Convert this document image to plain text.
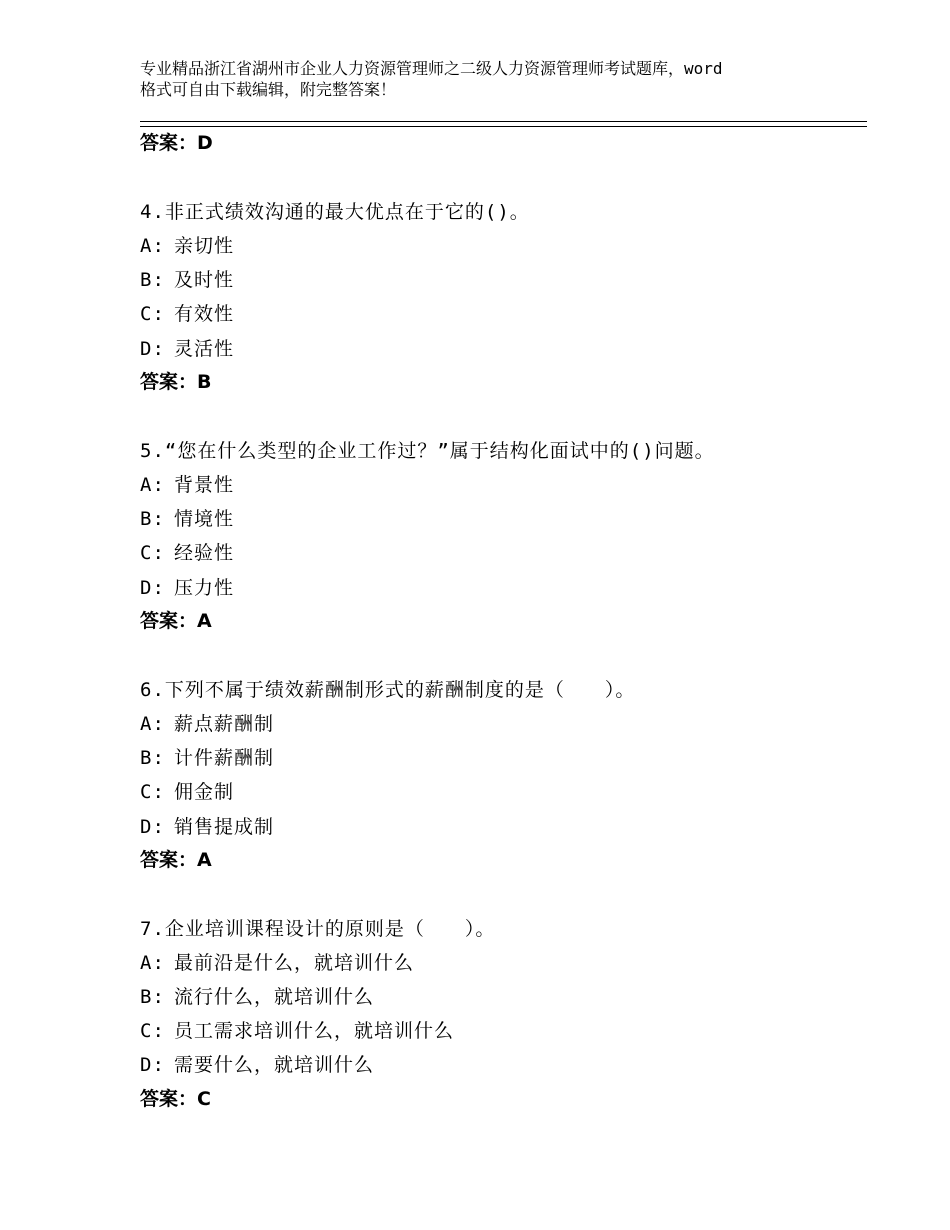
专业精品浙江省湖州市企业人力资源管理师之二级人力资源管理师考试题库，word
格式可自由下载编辑，附完整答案！
答案：D
4.非正式绩效沟通的最大优点在于它的()。
A: 亲切性
B: 及时性
C: 有效性
D: 灵活性
答案：B
5.“您在什么类型的企业工作过？”属于结构化面试中的()问题。
A: 背景性
B: 情境性
C: 经验性
D: 压力性
答案：A
6.下列不属于绩效薪酬制形式的薪酬制度的是（　　）。
A: 薪点薪酬制
B: 计件薪酬制
C: 佣金制
D: 销售提成制
答案：A
7.企业培训课程设计的原则是（　　）。
A: 最前沿是什么，就培训什么
B: 流行什么，就培训什么
C: 员工需求培训什么，就培训什么
D: 需要什么，就培训什么
答案：C
